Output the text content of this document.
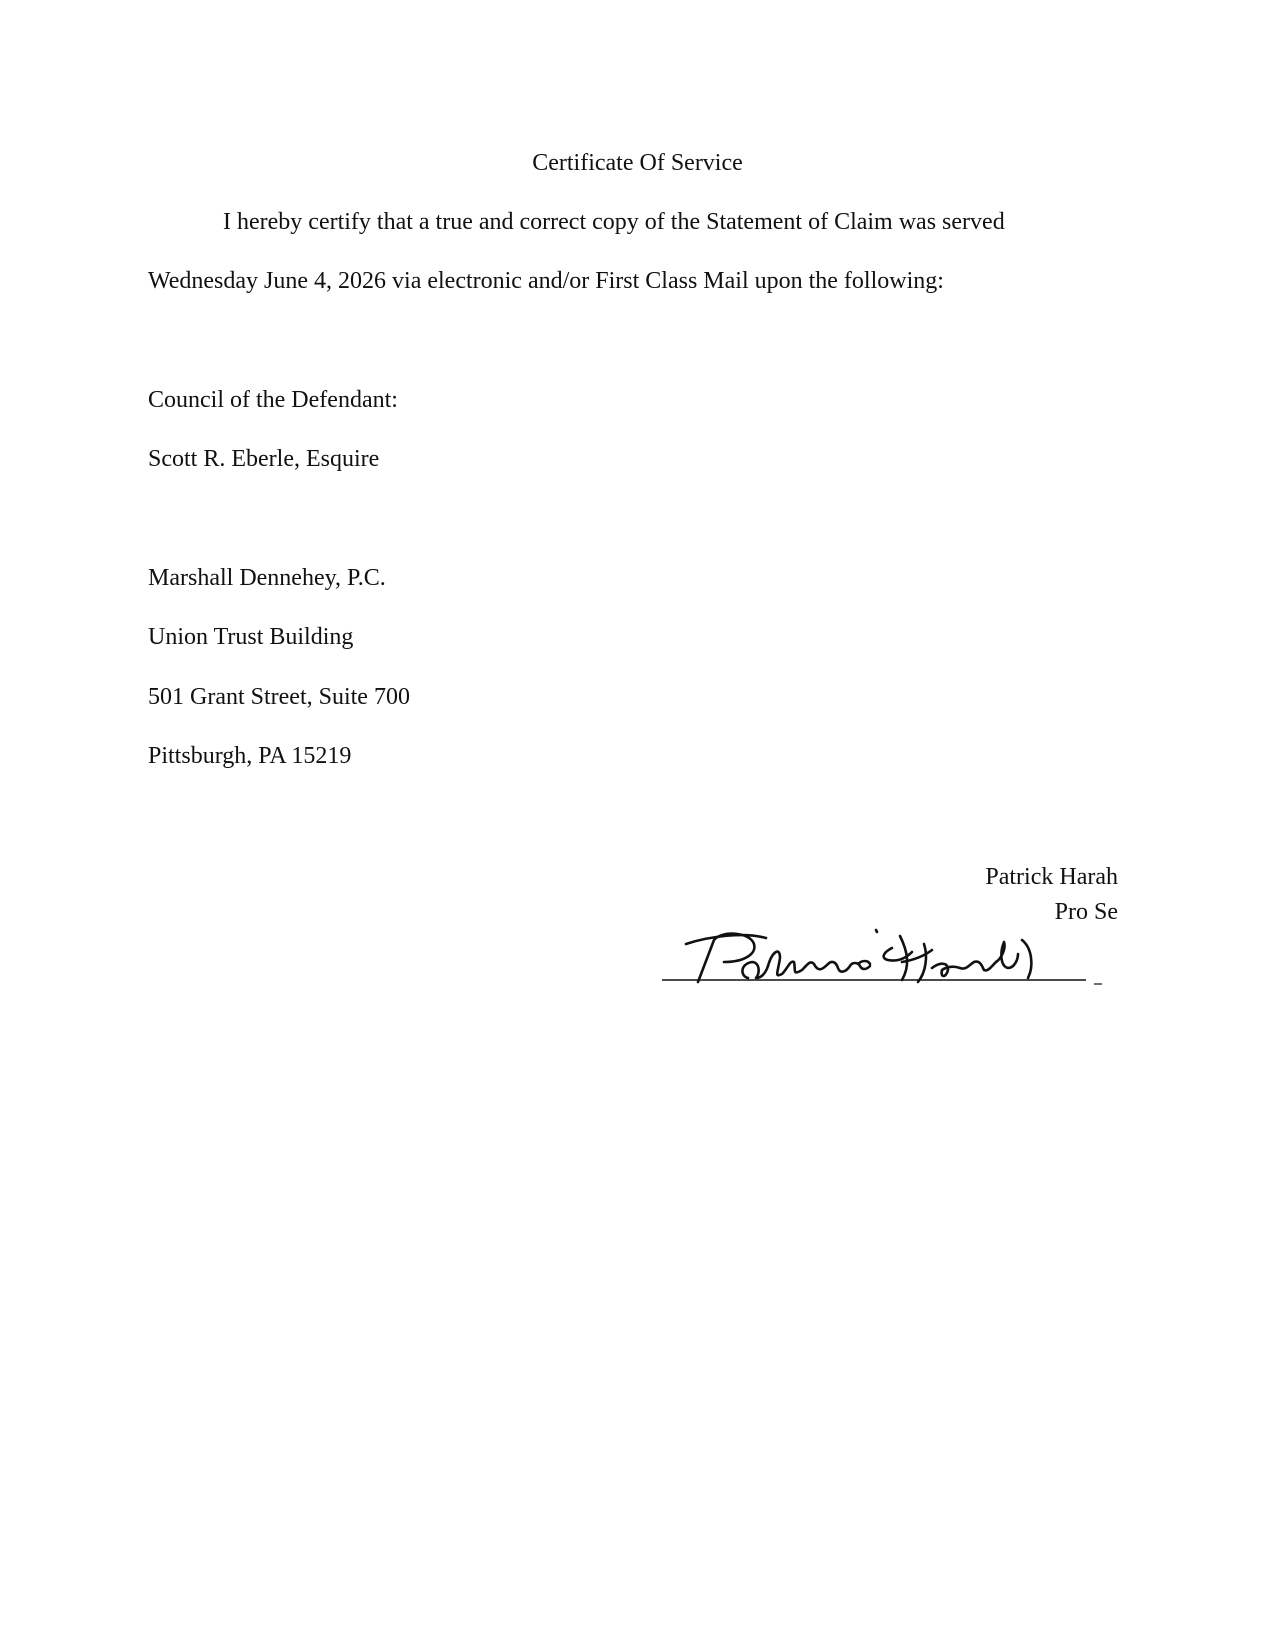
Certificate Of Service
I hereby certify that a true and correct copy of the Statement of Claim was served
Wednesday June 4, 2026 via electronic and/or First Class Mail upon the following:
Council of the Defendant:
Scott R. Eberle, Esquire
Marshall Dennehey, P.C.
Union Trust Building
501 Grant Street, Suite 700
Pittsburgh, PA 15219
Patrick Harah
Pro Se
